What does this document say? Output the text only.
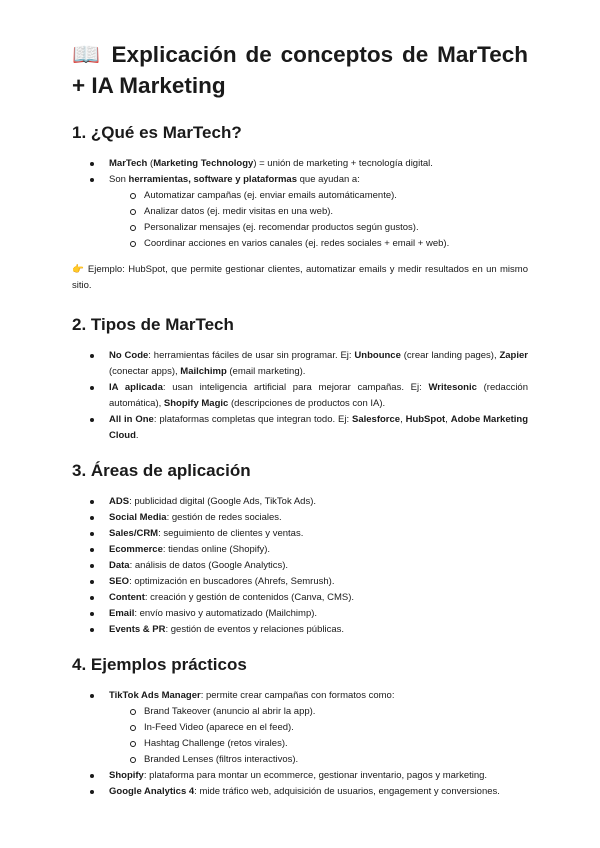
📖 Explicación de conceptos de MarTech + IA Marketing
1. ¿Qué es MarTech?
MarTech (Marketing Technology) = unión de marketing + tecnología digital.
Son herramientas, software y plataformas que ayudan a:
Automatizar campañas (ej. enviar emails automáticamente).
Analizar datos (ej. medir visitas en una web).
Personalizar mensajes (ej. recomendar productos según gustos).
Coordinar acciones en varios canales (ej. redes sociales + email + web).

👉 Ejemplo: HubSpot, que permite gestionar clientes, automatizar emails y medir resultados en un mismo sitio.

2. Tipos de MarTech
No Code: herramientas fáciles de usar sin programar. Ej: Unbounce (crear landing pages), Zapier (conectar apps), Mailchimp (email marketing).
IA aplicada: usan inteligencia artificial para mejorar campañas. Ej: Writesonic (redacción automática), Shopify Magic (descripciones de productos con IA).
All in One: plataformas completas que integran todo. Ej: Salesforce, HubSpot, Adobe Marketing Cloud.
3. Áreas de aplicación
ADS: publicidad digital (Google Ads, TikTok Ads).
Social Media: gestión de redes sociales.
Sales/CRM: seguimiento de clientes y ventas.
Ecommerce: tiendas online (Shopify).
Data: análisis de datos (Google Analytics).
SEO: optimización en buscadores (Ahrefs, Semrush).
Content: creación y gestión de contenidos (Canva, CMS).
Email: envío masivo y automatizado (Mailchimp).
Events & PR: gestión de eventos y relaciones públicas.
4. Ejemplos prácticos
TikTok Ads Manager: permite crear campañas con formatos como:
Brand Takeover (anuncio al abrir la app).
In-Feed Video (aparece en el feed).
Hashtag Challenge (retos virales).
Branded Lenses (filtros interactivos).
Shopify: plataforma para montar un ecommerce, gestionar inventario, pagos y marketing.
Google Analytics 4: mide tráfico web, adquisición de usuarios, engagement y conversiones.
